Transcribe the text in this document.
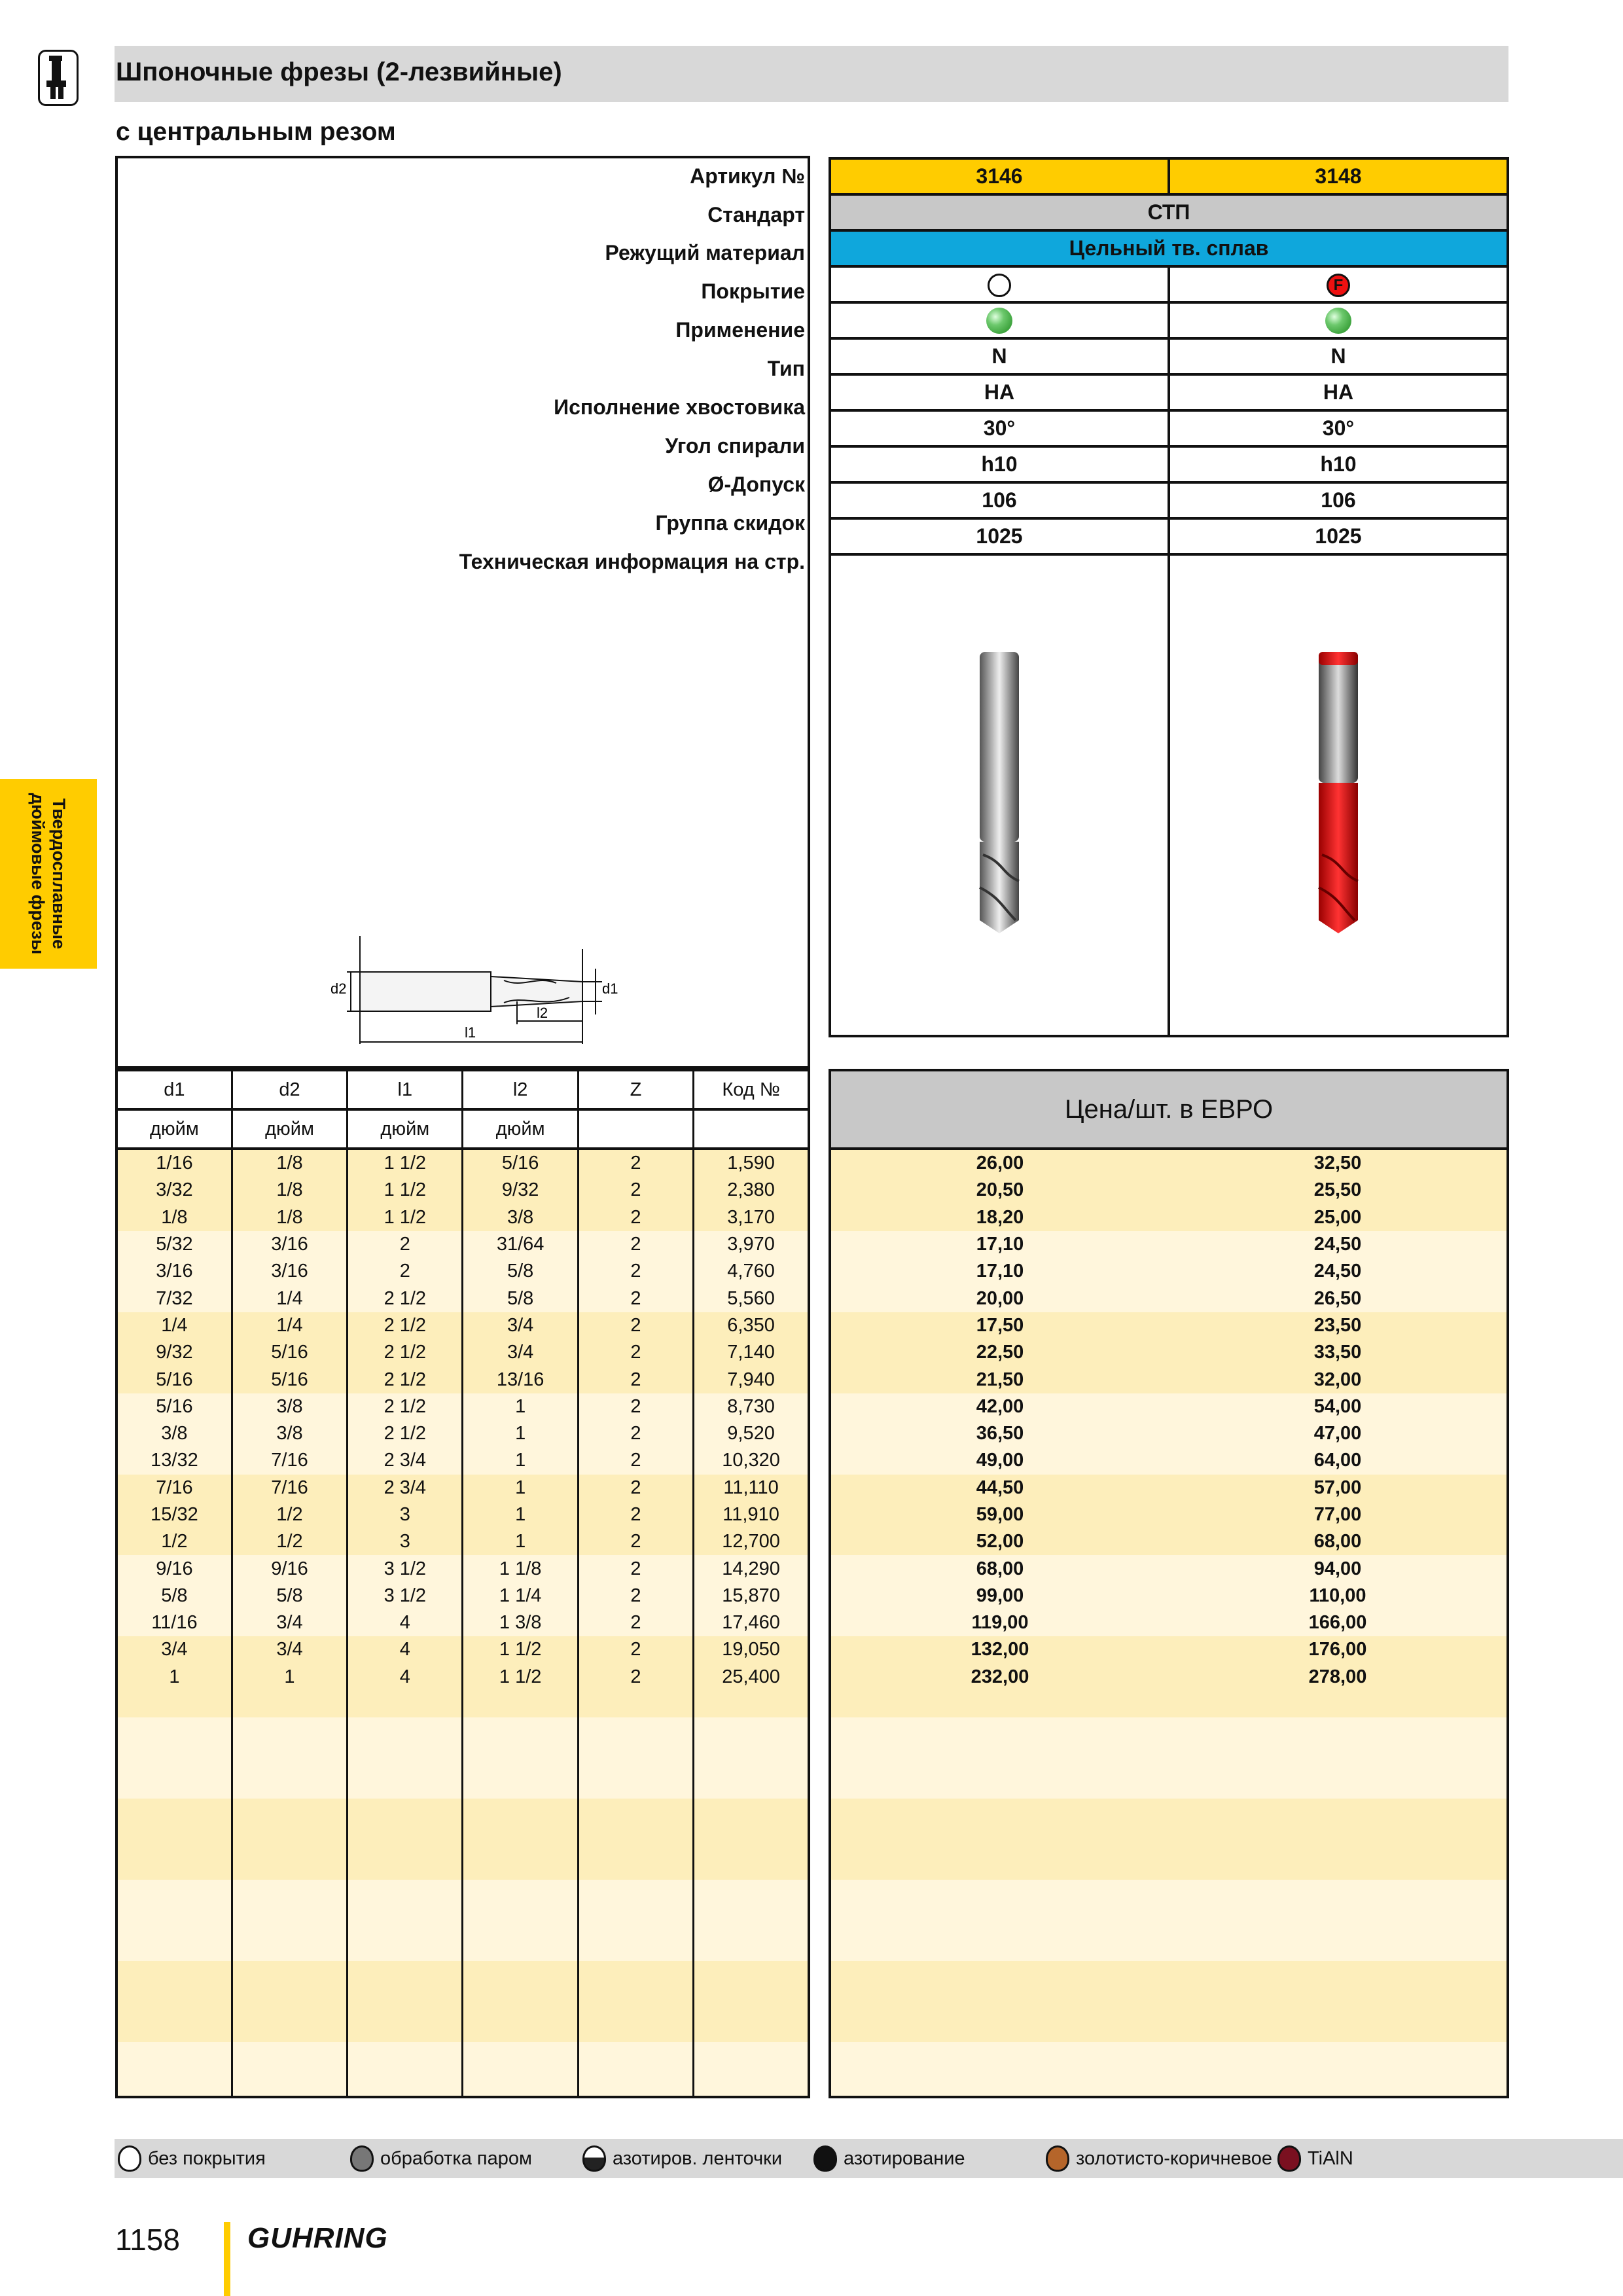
Шпоночные фрезы (2-лезвийные)
с центральным резом
Твердосплавные
дюймовые фрезы
Артикул №
Стандарт
Режущий материал
Покрытие
Применение
Тип
Исполнение хвостовика
Угол спирали
Ø-Допуск
Группа скидок
Техническая информация на стр.
d2	d1
l2
l1
3146	3148
СТП	
Цельный тв. сплав	
	F

N	N
HA	HA
30°	30°
h10	h10
106	106
1025	1025

d1	d2	l1	l2	Z	Код №
дюйм	дюйм	дюйм	дюйм		
1/16	1/8	1 1/2	5/16	2	1,590
3/32	1/8	1 1/2	9/32	2	2,380
1/8	1/8	1 1/2	3/8	2	3,170
5/32	3/16	2	31/64	2	3,970
3/16	3/16	2	5/8	2	4,760
7/32	1/4	2 1/2	5/8	2	5,560
1/4	1/4	2 1/2	3/4	2	6,350
9/32	5/16	2 1/2	3/4	2	7,140
5/16	5/16	2 1/2	13/16	2	7,940
5/16	3/8	2 1/2	1	2	8,730
3/8	3/8	2 1/2	1	2	9,520
13/32	7/16	2 3/4	1	2	10,320
7/16	7/16	2 3/4	1	2	11,110
15/32	1/2	3	1	2	11,910
1/2	1/2	3	1	2	12,700
9/16	9/16	3 1/2	1 1/8	2	14,290
5/8	5/8	3 1/2	1 1/4	2	15,870
11/16	3/4	4	1 3/8	2	17,460
3/4	3/4	4	1 1/2	2	19,050
1	1	4	1 1/2	2	25,400

Цена/шт. в ЕВРО	
26,00	32,50
20,50	25,50
18,20	25,00
17,10	24,50
17,10	24,50
20,00	26,50
17,50	23,50
22,50	33,50
21,50	32,00
42,00	54,00
36,50	47,00
49,00	64,00
44,50	57,00
59,00	77,00
52,00	68,00
68,00	94,00
99,00	110,00
119,00	166,00
132,00	176,00
232,00	278,00

без покрытия	обработка паром	азотиров. ленточки	азотирование	золотисто-коричневое TiAlN
1158 GUHRING
